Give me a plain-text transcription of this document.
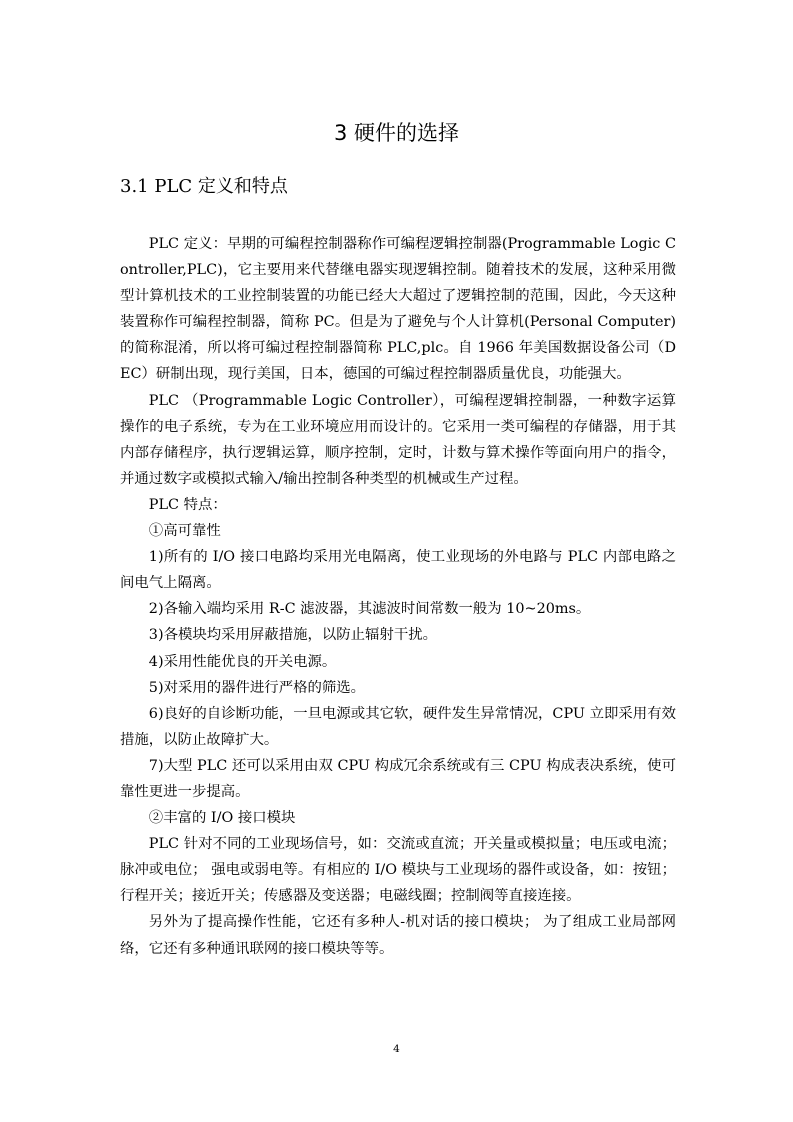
3 硬件的选择
3.1 PLC 定义和特点

PLC 定义：早期的可编程控制器称作可编程逻辑控制器(Programmable Logic Controller,PLC)，它主要用来代替继电器实现逻辑控制。随着技术的发展，这种采用微型计算机技术的工业控制装置的功能已经大大超过了逻辑控制的范围，因此，今天这种装置称作可编程控制器，简称 PC。但是为了避免与个人计算机(Personal Computer)的简称混淆，所以将可编过程控制器简称 PLC,plc。自 1966 年美国数据设备公司（DEC）研制出现，现行美国，日本，德国的可编过程控制器质量优良，功能强大。

PLC （Programmable Logic Controller），可编程逻辑控制器，一种数字运算操作的电子系统，专为在工业环境应用而设计的。它采用一类可编程的存储器，用于其内部存储程序，执行逻辑运算，顺序控制，定时，计数与算术操作等面向用户的指令，并通过数字或模拟式输入/输出控制各种类型的机械或生产过程。

PLC 特点：

①高可靠性

1)所有的 I/O 接口电路均采用光电隔离，使工业现场的外电路与 PLC 内部电路之间电气上隔离。

2)各输入端均采用 R-C 滤波器，其滤波时间常数一般为 10~20ms。

3)各模块均采用屏蔽措施，以防止辐射干扰。

4)采用性能优良的开关电源。

5)对采用的器件进行严格的筛选。

6)良好的自诊断功能，一旦电源或其它软，硬件发生异常情况，CPU 立即采用有效措施，以防止故障扩大。

7)大型 PLC 还可以采用由双 CPU 构成冗余系统或有三 CPU 构成表决系统，使可靠性更进一步提高。

②丰富的 I/O 接口模块

PLC 针对不同的工业现场信号，如：交流或直流；开关量或模拟量；电压或电流；脉冲或电位； 强电或弱电等。有相应的 I/O 模块与工业现场的器件或设备，如：按钮；行程开关；接近开关；传感器及变送器；电磁线圈；控制阀等直接连接。

另外为了提高操作性能，它还有多种人-机对话的接口模块； 为了组成工业局部网络，它还有多种通讯联网的接口模块等等。

4
